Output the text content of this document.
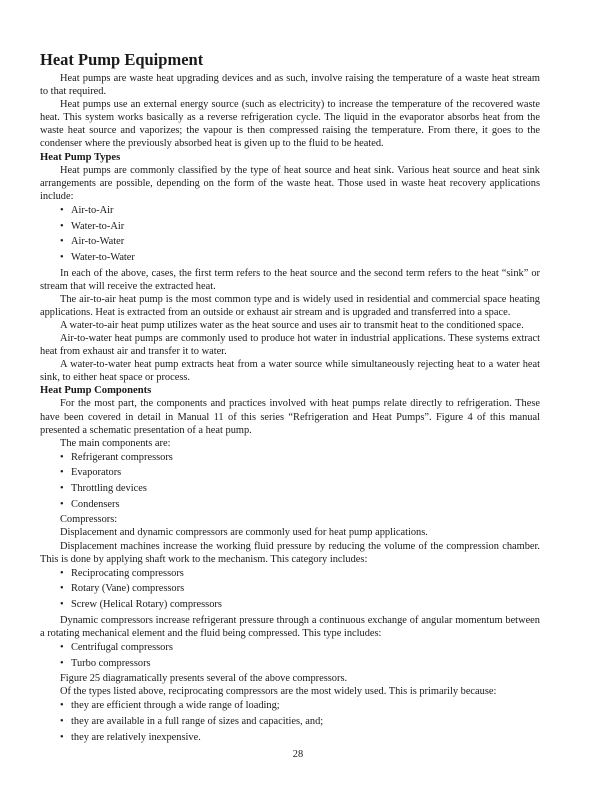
Heat Pump Equipment

Heat pumps are waste heat upgrading devices and as such, involve raising the temperature of a waste heat stream to that required.

Heat pumps use an external energy source (such as electricity) to increase the temperature of the recovered waste heat. This system works basically as a reverse refrigeration cycle. The liquid in the evaporator absorbs heat from the waste heat source and vaporizes; the vapour is then compressed raising the temperature. From there, it goes to the condenser where the previously absorbed heat is given up to the fluid to be heated.

Heat Pump Types

Heat pumps are commonly classified by the type of heat source and heat sink. Various heat source and heat sink arrangements are possible, depending on the form of the waste heat. Those used in waste heat recovery applications include:

• Air-to-Air
• Water-to-Air
• Air-to-Water
• Water-to-Water

In each of the above, cases, the first term refers to the heat source and the second term refers to the heat “sink” or stream that will receive the extracted heat.

The air-to-air heat pump is the most common type and is widely used in residential and commercial space heating applications. Heat is extracted from an outside or exhaust air stream and is upgraded and transferred into a space.

A water-to-air heat pump utilizes water as the heat source and uses air to transmit heat to the conditioned space.

Air-to-water heat pumps are commonly used to produce hot water in industrial applications. These systems extract heat from exhaust air and transfer it to water.

A water-to-water heat pump extracts heat from a water source while simultaneously rejecting heat to a water heat sink, to either heat space or process.

Heat Pump Components

For the most part, the components and practices involved with heat pumps relate directly to refrigeration. These have been covered in detail in Manual 11 of this series “Refrigeration and Heat Pumps”. Figure 4 of this manual presented a schematic presentation of a heat pump.

The main components are:

• Refrigerant compressors
• Evaporators
• Throttling devices
• Condensers

Compressors:

Displacement and dynamic compressors are commonly used for heat pump applications.

Displacement machines increase the working fluid pressure by reducing the volume of the compression chamber. This is done by applying shaft work to the mechanism. This category includes:

• Reciprocating compressors
• Rotary (Vane) compressors
• Screw (Helical Rotary) compressors

Dynamic compressors increase refrigerant pressure through a continuous exchange of angular momentum between a rotating mechanical element and the fluid being compressed. This type includes:

• Centrifugal compressors
• Turbo compressors

Figure 25 diagramatically presents several of the above compressors.

Of the types listed above, reciprocating compressors are the most widely used. This is primarily because:

• they are efficient through a wide range of loading;
• they are available in a full range of sizes and capacities, and;
• they are relatively inexpensive.
28
